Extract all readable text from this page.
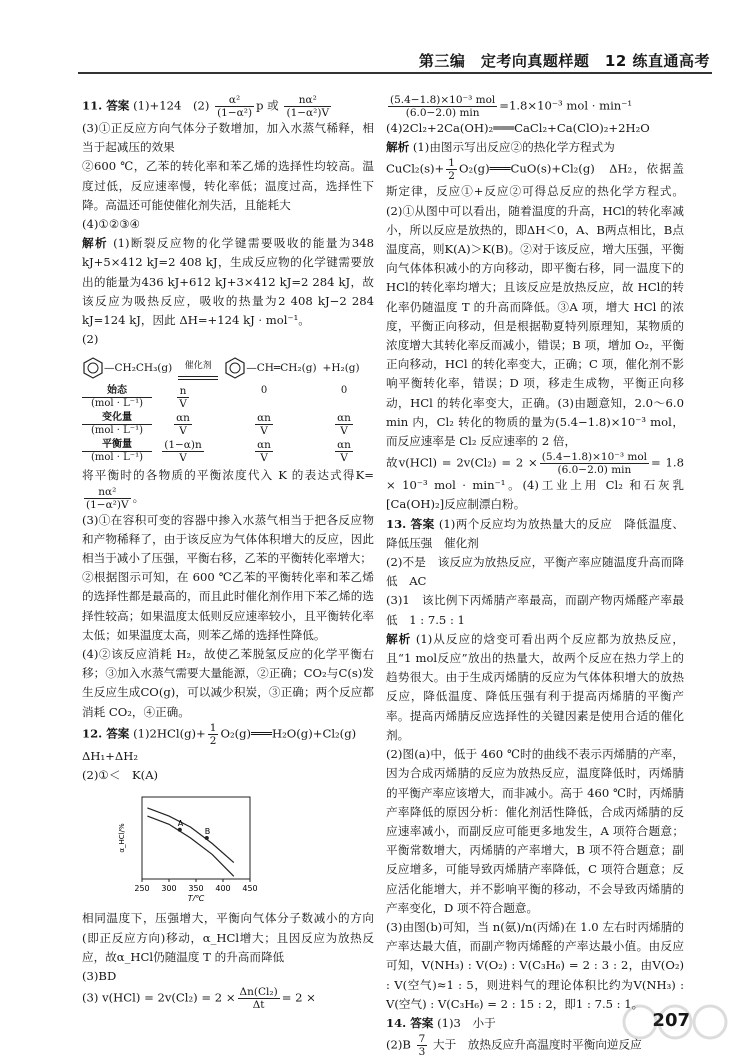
第三编　定考向真题样题　12 练直通高考

11. 答案 (1)+124　$(2) \frac{\text{α²}}{\text{(1−α²)}}$ p 或 $\frac{\text{nα²}}{\text{(1−α²)V}}$

(3)①正反应方向气体分子数增加，加入水蒸气稀释，相当于起减压的效果

②600 ℃，乙苯的转化率和苯乙烯的选择性均较高。温度过低，反应速率慢，转化率低；温度过高，选择性下降。高温还可能使催化剂失活，且能耗大

(4)①②③④

解析 (1)断裂反应物的化学键需要吸收的能量为348 kJ+5×412 kJ=2 408 kJ，生成反应物的化学键需要放出的能量为436 kJ+612 kJ+3×412 kJ=2 284 kJ，故该反应为吸热反应，吸收的热量为2 408 kJ−2 284 kJ=124 kJ，因此 ΔH=+124 kJ · mol⁻¹。

(2)

—CH₂CH₃(g)	催化剂	—CH═CH₂(g) +H₂(g)
始态
(mol · L⁻¹)	$\frac{n}{V}$	0	0
变化量
(mol · L⁻¹)	$\frac{\alpha n}{V}$	$\frac{\alpha n}{V}$	$\frac{\alpha n}{V}$
平衡量
(mol · L⁻¹)	$\frac{(1-\alpha)n}{V}$	$\frac{\alpha n}{V}$	$\frac{\alpha n}{V}$

将平衡时的各物质的平衡浓度代入 K 的表达式得K=
$\frac{\text{nα²}}{\text{(1−α²)V}}$ 。

(3)①在容积可变的容器中掺入水蒸气相当于把各反应物和产物稀释了，由于该反应为气体体积增大的反应，因此相当于减小了压强，平衡右移，乙苯的平衡转化率增大；

②根据图示可知，在 600 ℃乙苯的平衡转化率和苯乙烯的选择性都是最高的，而且此时催化剂作用下苯乙烯的选择性较高；如果温度太低则反应速率较小，且平衡转化率太低；如果温度太高，则苯乙烯的选择性降低。

(4)②该反应消耗 H₂，故使乙苯脱氢反应的化学平衡右移；③加入水蒸气需要大量能源，②正确；CO₂与C(s)发生反应生成CO(g)，可以减少积炭，③正确；两个反应都消耗 CO₂，④正确。

12. 答案 $(1)2HCl(g)+ \frac{1}{2}$ O₂(g)═══H₂O(g)+Cl₂(g)

ΔH₁+ΔH₂

(2)①＜　K(A)

250 300 350 400 450
T/℃
α_HCl/%
A
B

相同温度下，压强增大，平衡向气体分子数减小的方向(即正反应方向)移动，α_HCl增大；且因反应为放热反应，故α_HCl仍随温度 T 的升高而降低

(3)BD

(3) $v(HCl) = 2v(Cl_2) = 2 \times \frac{\text{Δn(Cl₂)}}{\Delta t} = 2$ ×

$\frac{\text{(5.4−1.8)×10⁻³ mol}}{(6.0-2.0) \min} =1.8\times 10^{-3}$ mol · min⁻¹

(4)2Cl₂+2Ca(OH)₂═══CaCl₂+Ca(ClO)₂+2H₂O

解析 (1)由图示写出反应②的热化学方程式为

CuCl₂(s)+ $\frac{1}{2}$ O₂(g)═══CuO(s)+Cl₂(g)　ΔH₂，依据盖斯定律，反应①+反应②可得总反应的热化学方程式。(2)①从图中可以看出，随着温度的升高，HCl的转化率减小，所以反应是放热的，即ΔH＜0，A、B两点相比，B点温度高，则K(A)＞K(B)。②对于该反应，增大压强，平衡向气体体积减小的方向移动，即平衡右移，同一温度下的 HCl的转化率均增大；且该反应是放热反应，故 HCl的转化率仍随温度 T 的升高而降低。③A 项，增大 HCl 的浓度，平衡正向移动，但是根据勒夏特列原理知，某物质的浓度增大其转化率反而减小，错误；B 项，增加 O₂，平衡正向移动，HCl 的转化率变大，正确；C 项，催化剂不影响平衡转化率，错误；D 项，移走生成物，平衡正向移动，HCl 的转化率变大，正确。(3)由题意知，2.0～6.0 min 内，Cl₂ 转化的物质的量为(5.4−1.8)×10⁻³ mol，而反应速率是 Cl₂ 反应速率的 2 倍，

故$v(HCl) = 2v(Cl_2) = 2 \times \frac{\text{(5.4−1.8)×10⁻³ mol}}{(6.0-2.0) \min} = 1.8 \times 10^{-3}$ mol · min⁻¹。(4)工业上用 Cl₂ 和石灰乳[Ca(OH)₂]反应制漂白粉。

13. 答案 (1)两个反应均为放热量大的反应　降低温度、降低压强　催化剂

(2)不是　该反应为放热反应，平衡产率应随温度升高而降低　AC

(3)1　该比例下丙烯腈产率最高，而副产物丙烯醛产率最低　1 : 7.5 : 1

解析 (1)从反应的焓变可看出两个反应都为放热反应，且“1 mol反应”放出的热量大，故两个反应在热力学上的趋势很大。由于生成丙烯腈的反应为气体体积增大的放热反应，降低温度、降低压强有利于提高丙烯腈的平衡产率。提高丙烯腈反应选择性的关键因素是使用合适的催化剂。

(2)图(a)中，低于 460 ℃时的曲线不表示丙烯腈的产率，因为合成丙烯腈的反应为放热反应，温度降低时，丙烯腈的平衡产率应该增大，而非减小。高于 460 ℃时，丙烯腈产率降低的原因分析：催化剂活性降低，合成丙烯腈的反应速率减小，而副反应可能更多地发生，A 项符合题意；平衡常数增大，丙烯腈的产率增大，B 项不符合题意；副反应增多，可能导致丙烯腈产率降低，C 项符合题意；反应活化能增大，并不影响平衡的移动，不会导致丙烯腈的产率变化，D 项不符合题意。

(3)由图(b)可知，当 n(氨)/n(丙烯)在 1.0 左右时丙烯腈的产率达最大值，而副产物丙烯醛的产率达最小值。由反应可知，V(NH₃) : V(O₂) : V(C₃H₆) = 2 : 3 : 2，由V(O₂) : V(空气)≈1 : 5，则进料气的理论体积比约为V(NH₃) : V(空气) : V(C₃H₆) = 2 : 15 : 2，即1 : 7.5 : 1。

14. 答案 (1)3　小于

$(2)B \frac{7}{3}$ 大于　放热反应升高温度时平衡向逆反应

207
